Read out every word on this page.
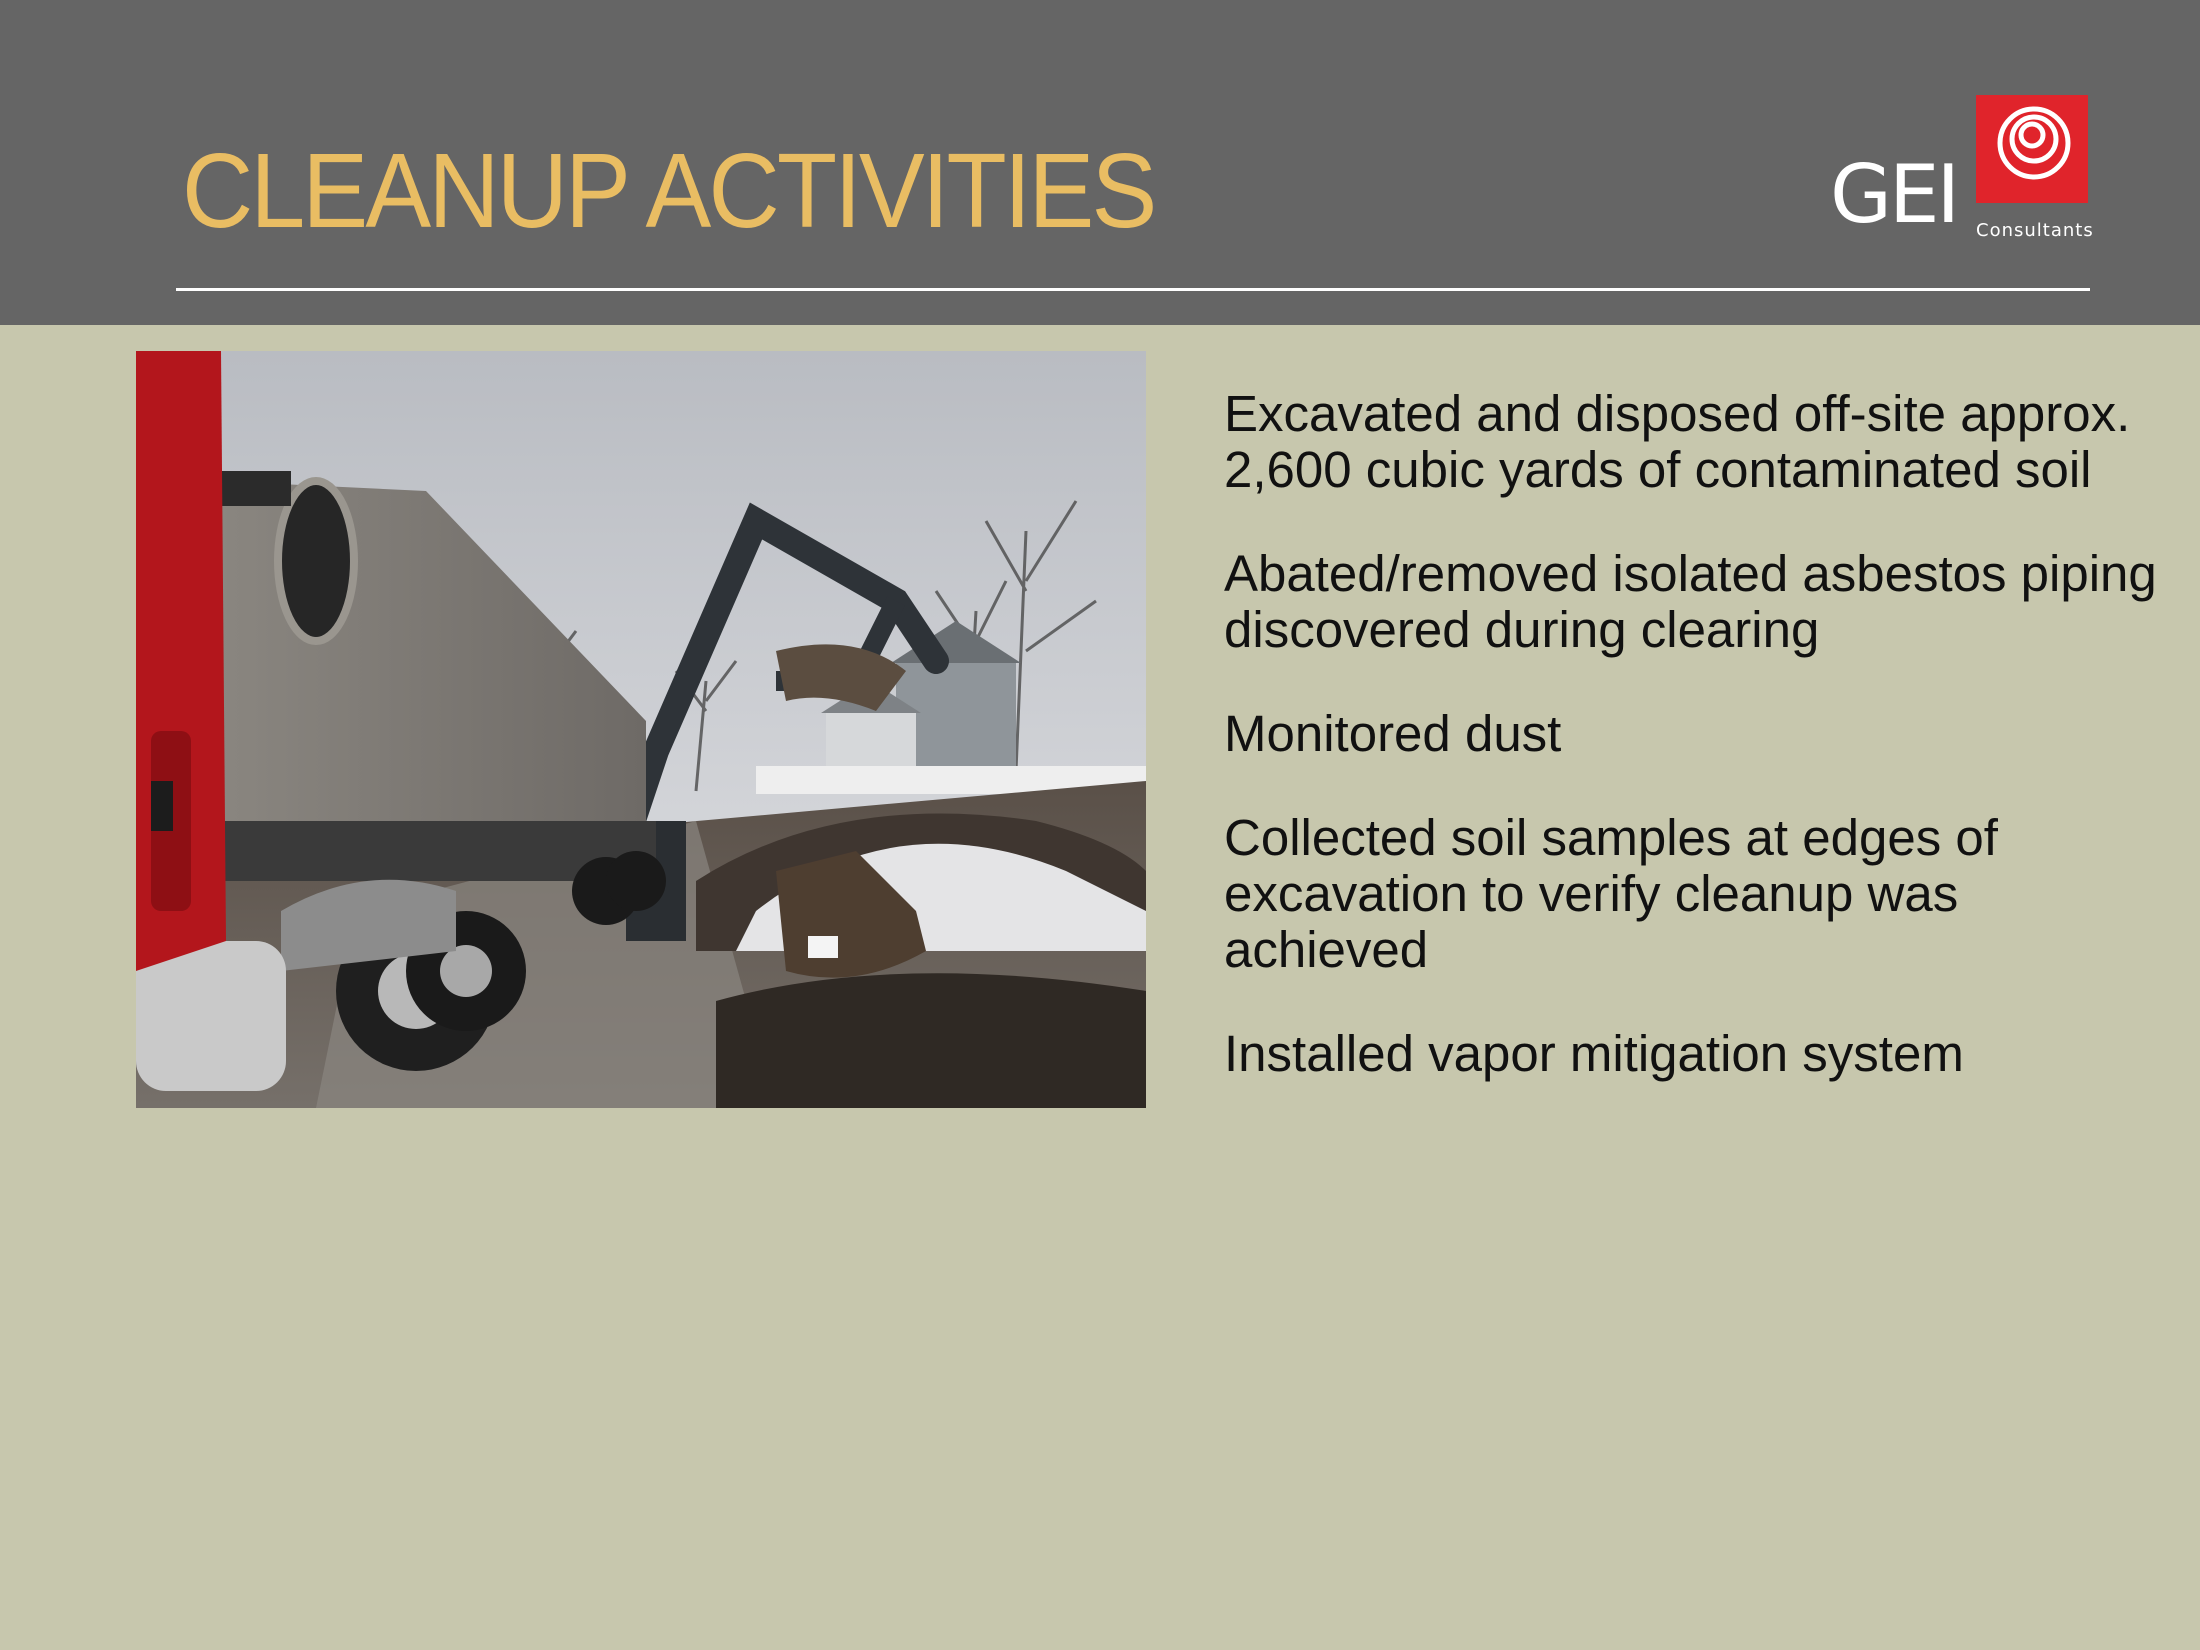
CLEANUP ACTIVITIES	GEI Consultants
Excavated and disposed off-site approx. 2,600 cubic yards of contaminated soil
Abated/removed isolated asbestos piping discovered during clearing
Monitored dust
Collected soil samples at edges of excavation to verify cleanup was achieved
Installed vapor mitigation system
